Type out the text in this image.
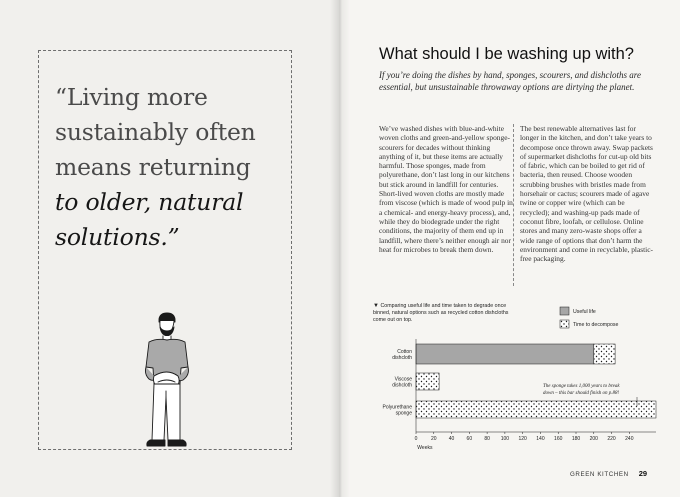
“Living more
sustainably often
means returning
to older, natural
solutions.”
What should I be washing up with?
If you’re doing the dishes by hand, sponges, scourers, and dishcloths are essential, but unsustainable throwaway options are dirtying the planet.
We’ve washed dishes with blue-and-white woven cloths and green-and-yellow sponge-scourers for decades without thinking anything of it, but these items are actually harmful. Those sponges, made from polyurethane, don’t last long in our kitchens but stick around in landfill for centuries. Short-lived woven cloths are mostly made from viscose (which is made of wood pulp in a chemical- and energy-heavy process), and, while they do biodegrade under the right conditions, the majority of them end up in landfill, where there’s neither enough air nor heat for microbes to break them down.
The best renewable alternatives last for longer in the kitchen, and don’t take years to decompose once thrown away. Swap packets of supermarket dishcloths for cut-up old bits of fabric, which can be boiled to get rid of bacteria, then reused. Choose wooden scrubbing brushes with bristles made from horsehair or cactus; scourers made of agave twine or copper wire (which can be recycled); and washing-up pads made of coconut fibre, loofah, or cellulose. Online stores and many zero-waste shops offer a wide range of options that don’t harm the environment and come in recyclable, plastic-free packaging.
▼ Comparing useful life and time taken to degrade once binned, natural options such as recycled cotton dishcloths come out on top.
Useful life
Time to decompose
Cotton
dishcloth
Viscose
dishcloth
Polyurethane
sponge
0	20 40 60 80 100 120 140 160 180 200 220 240
Weeks
The sponge takes 1,000 years to break
down – this bar should finish on p.88!
GREEN KITCHEN 29
